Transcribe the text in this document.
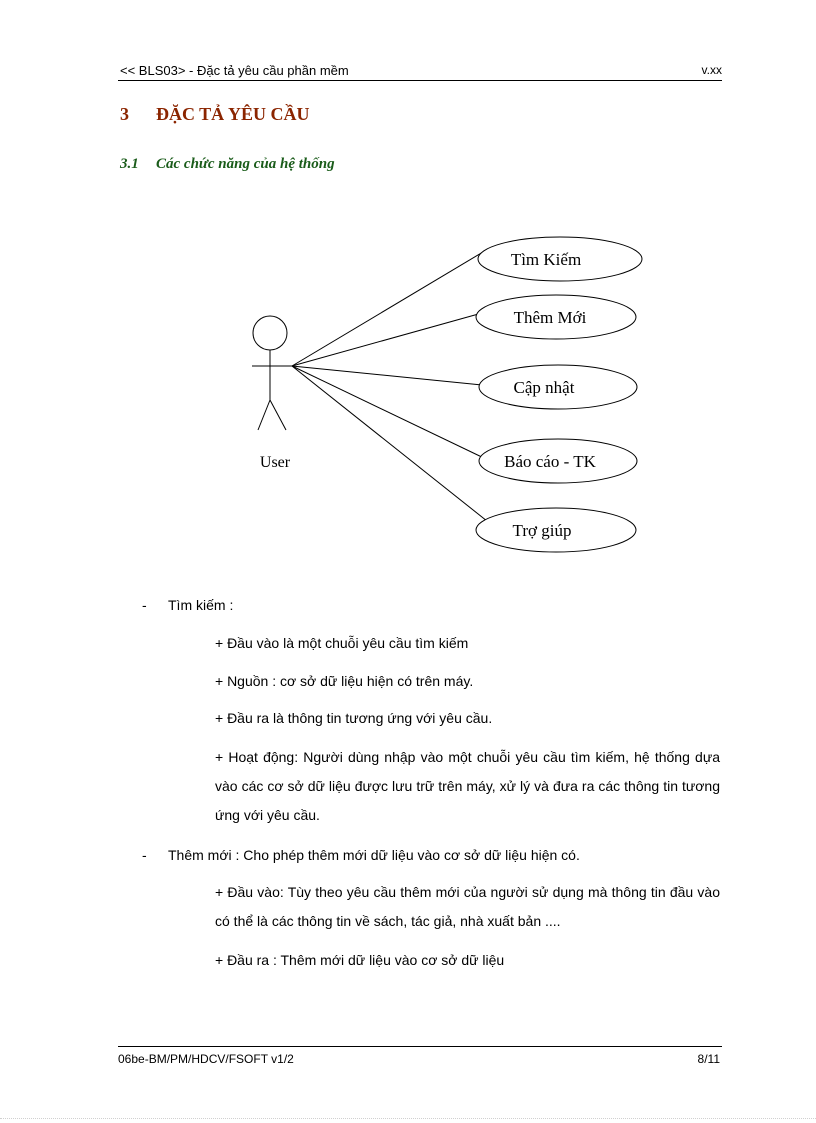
<< BLS03> - Đặc tả yêu cầu phần mềm	v.xx
3 ĐẶC TẢ YÊU CẦU
3.1 Các chức năng của hệ thống
User
Tìm Kiếm
Thêm Mới
Cập nhật
Báo cáo - TK
Trợ giúp
- Tìm kiếm :
+ Đầu vào là một chuỗi yêu cầu tìm kiếm
+ Nguồn : cơ sở dữ liệu hiện có trên máy.
+ Đầu ra là thông tin tương ứng với yêu cầu.
+ Hoạt động: Người dùng nhập vào một chuỗi yêu cầu tìm kiếm, hệ thống dựa vào các cơ sở dữ liệu được lưu trữ trên máy, xử lý và đưa ra các thông tin tương ứng với yêu cầu.
- Thêm mới : Cho phép thêm mới dữ liệu vào cơ sở dữ liệu hiện có.
+ Đầu vào: Tùy theo yêu cầu thêm mới của người sử dụng mà thông tin đầu vào có thể là các thông tin về sách, tác giả, nhà xuất bản ....
+ Đầu ra : Thêm mới dữ liệu vào cơ sở dữ liệu
06be-BM/PM/HDCV/FSOFT v1/2	8/11
